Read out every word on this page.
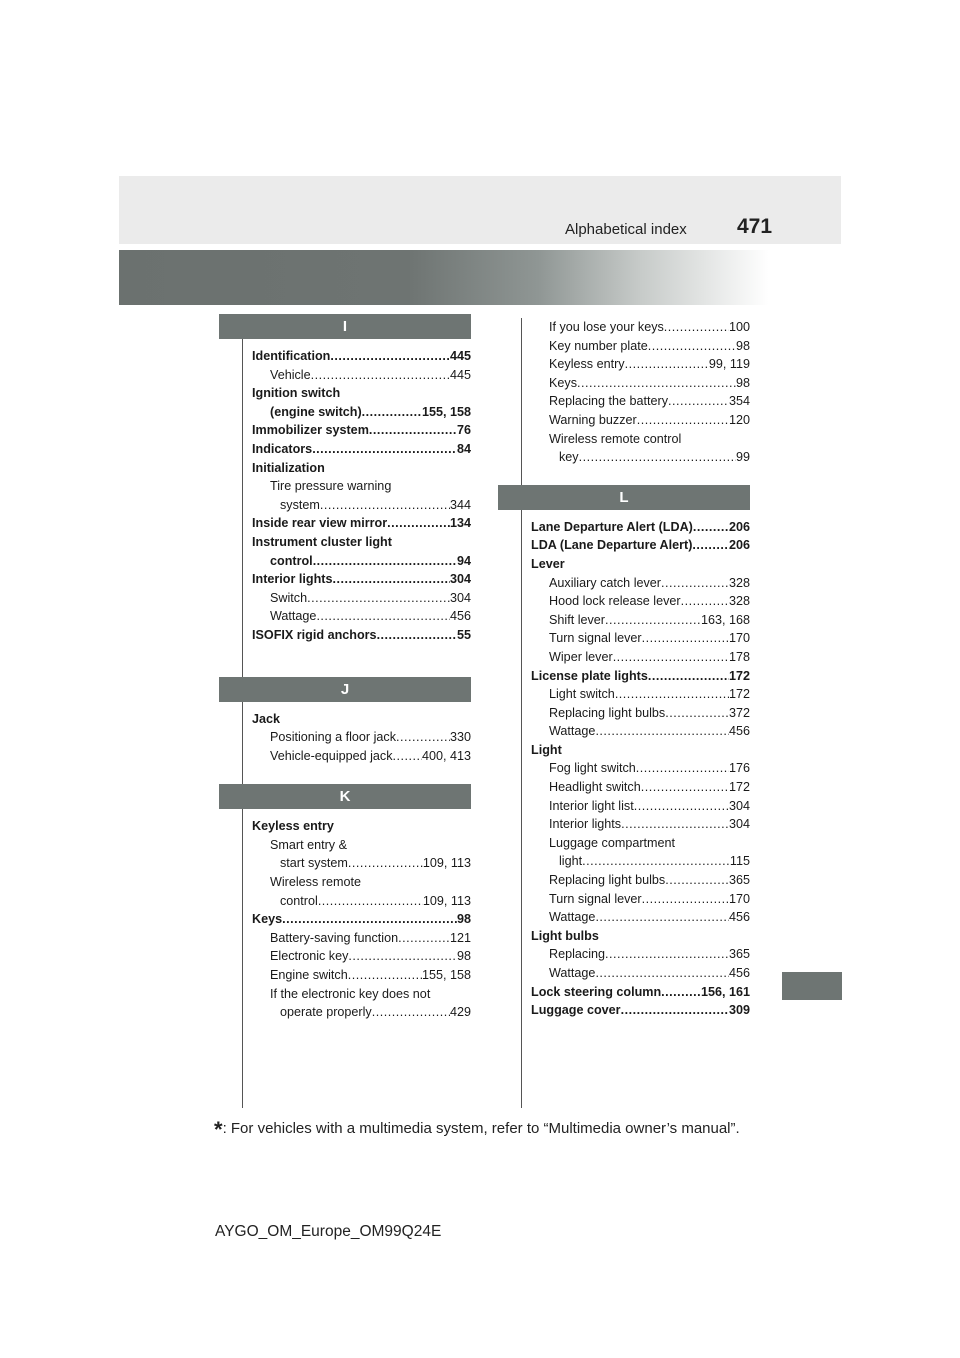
Alphabetical index 471
I
Identification .....	445
Vehicle .....	445
Ignition switch
(engine switch) .....	155, 158
Immobilizer system .....	76
Indicators .....	84
Initialization
Tire pressure warning
system .....	344
Inside rear view mirror .....	134
Instrument cluster light
control .....	94
Interior lights .....	304
Switch .....	304
Wattage .....	456
ISOFIX rigid anchors .....	55
J
Jack
Positioning a floor jack .....	330
Vehicle-equipped jack ..... 400, 413
K
Keyless entry
Smart entry &
start system .....	109, 113
Wireless remote
control .....	109, 113
Keys .....	98
Battery-saving function .....	121
Electronic key .....	98
Engine switch .....	155, 158
If the electronic key does not
operate properly .....	429
If you lose your keys .....	100
Key number plate .....	98
Keyless entry .....	99, 119
Keys .....	98
Replacing the battery .....	354
Warning buzzer .....	120
Wireless remote control
key .....	99
L
Lane Departure Alert (LDA) .....	206
LDA (Lane Departure Alert) .....	206
Lever
Auxiliary catch lever .....	328
Hood lock release lever .....	328
Shift lever .....	163, 168
Turn signal lever .....	170
Wiper lever .....	178
License plate lights .....	172
Light switch .....	172
Replacing light bulbs .....	372
Wattage .....	456
Light
Fog light switch .....	176
Headlight switch .....	172
Interior light list .....	304
Interior lights .....	304
Luggage compartment
light .....	115
Replacing light bulbs .....	365
Turn signal lever .....	170
Wattage .....	456
Light bulbs
Replacing .....	365
Wattage .....	456
Lock steering column .....	156, 161
Luggage cover .....	309
*: For vehicles with a multimedia system, refer to “Multimedia owner’s manual”.
AYGO_OM_Europe_OM99Q24E
